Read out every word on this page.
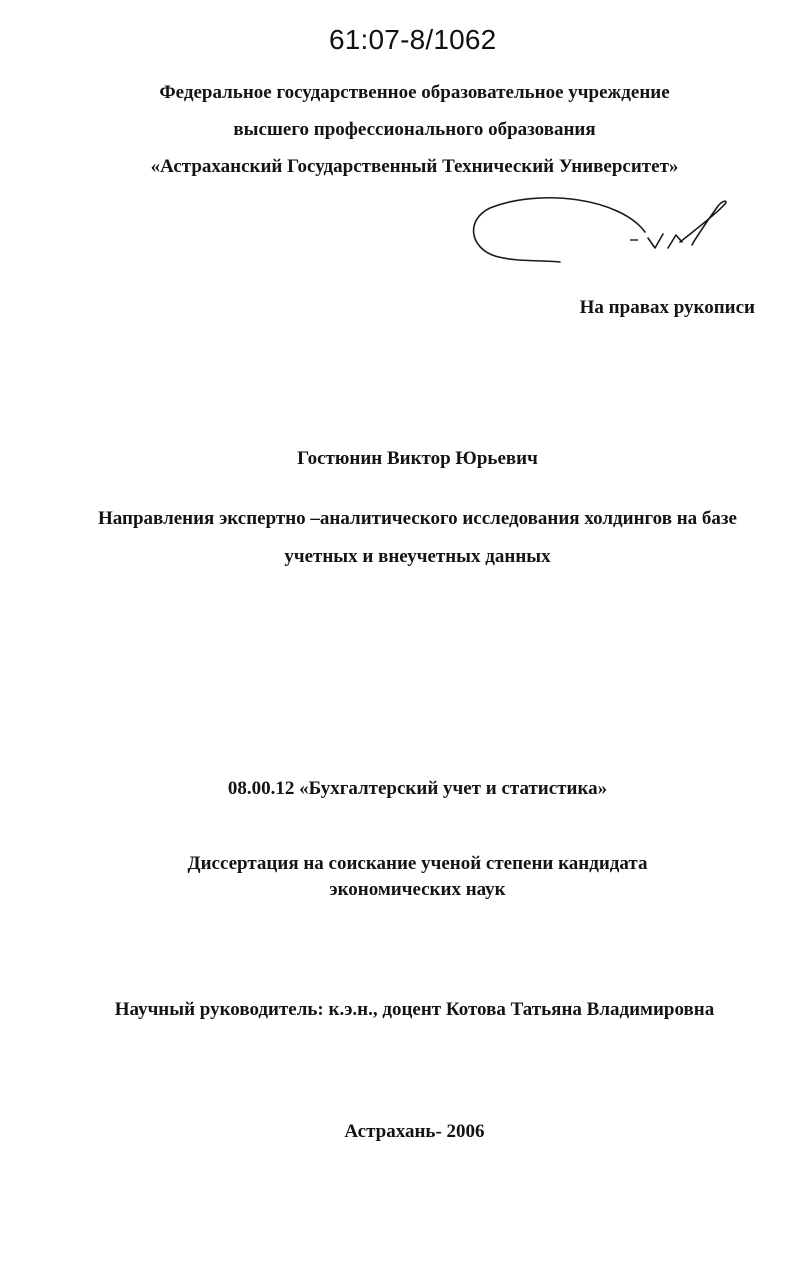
61:07-8/1062
Федеральное государственное образовательное учреждение
высшего профессионального образования
«Астраханский Государственный Технический Университет»
На правах рукописи
Гостюнин Виктор Юрьевич
Направления экспертно –аналитического исследования холдингов на базе
учетных и внеучетных данных
08.00.12 «Бухгалтерский учет и статистика»
Диссертация на соискание ученой степени кандидата
экономических наук
Научный руководитель: к.э.н., доцент Котова Татьяна Владимировна
Астрахань- 2006
